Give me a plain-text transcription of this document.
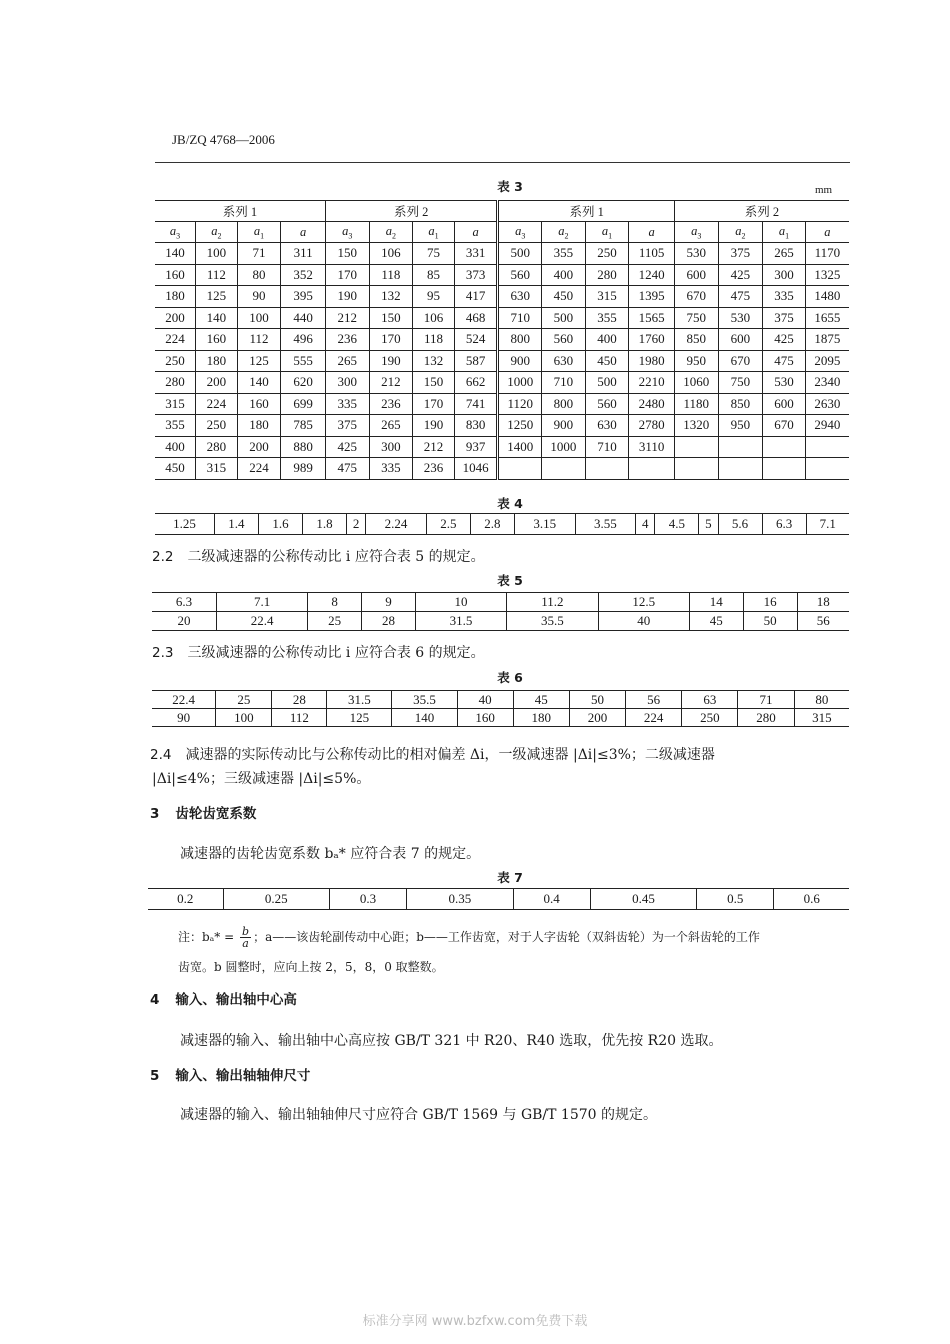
JB/ZQ 4768—2006
表 3	mm
系列 1				系列 2				系列 1				系列 2			
$a_3$	$a_2$	$a_1$	a	$a_3$	$a_2$	$a_1$	a	$a_3$	$a_2$	$a_1$	a	$a_3$	$a_2$	$a_1$	a
140	100	71	311	150	106	75	331	500	355	250	1105	530	375	265	1170
160	112	80	352	170	118	85	373	560	400	280	1240	600	425	300	1325
180	125	90	395	190	132	95	417	630	450	315	1395	670	475	335	1480
200	140	100	440	212	150	106	468	710	500	355	1565	750	530	375	1655
224	160	112	496	236	170	118	524	800	560	400	1760	850	600	425	1875
250	180	125	555	265	190	132	587	900	630	450	1980	950	670	475	2095
280	200	140	620	300	212	150	662	1000	710	500	2210	1060	750	530	2340
315	224	160	699	335	236	170	741	1120	800	560	2480	1180	850	600	2630
355	250	180	785	375	265	190	830	1250	900	630	2780	1320	950	670	2940
400	280	200	880	425	300	212	937	1400	1000	710	3110				
450	315	224	989	475	335	236	1046								
表 4
1.25	1.4	1.6	1.8	2	2.24	2.5	2.8	3.15	3.55	4	4.5	5	5.6	6.3	7.1
2.2 二级减速器的公称传动比 i 应符合表 5 的规定。
表 5
6.3	7.1	8	9	10	11.2	12.5	14	16	18
20	22.4	25	28	31.5	35.5	40	45	50	56
2.3 三级减速器的公称传动比 i 应符合表 6 的规定。
表 6
22.4	25	28	31.5	35.5	40	45	50	56	63	71	80
90	100	112	125	140	160	180	200	224	250	280	315
2.4 减速器的实际传动比与公称传动比的相对偏差 Δi，一级减速器 |Δi|≤3%；二级减速器
|Δi|≤4%；三级减速器 |Δi|≤5%。
3 齿轮齿宽系数
减速器的齿轮齿宽系数 bₐ* 应符合表 7 的规定。
表 7
0.2	0.25	0.3	0.35	0.4	0.45	0.5	0.6
注：$b_a* = \frac{b}{a}$ ；a——该齿轮副传动中心距；b——工作齿宽，对于人字齿轮（双斜齿轮）为一个斜齿轮的工作
齿宽。b 圆整时，应向上按 2，5，8，0 取整数。
4 输入、输出轴中心高
减速器的输入、输出轴中心高应按 GB/T 321 中 R20、R40 选取，优先按 R20 选取。
5 输入、输出轴轴伸尺寸
减速器的输入、输出轴轴伸尺寸应符合 GB/T 1569 与 GB/T 1570 的规定。
标准分享网 www.bzfxw.com免费下载
